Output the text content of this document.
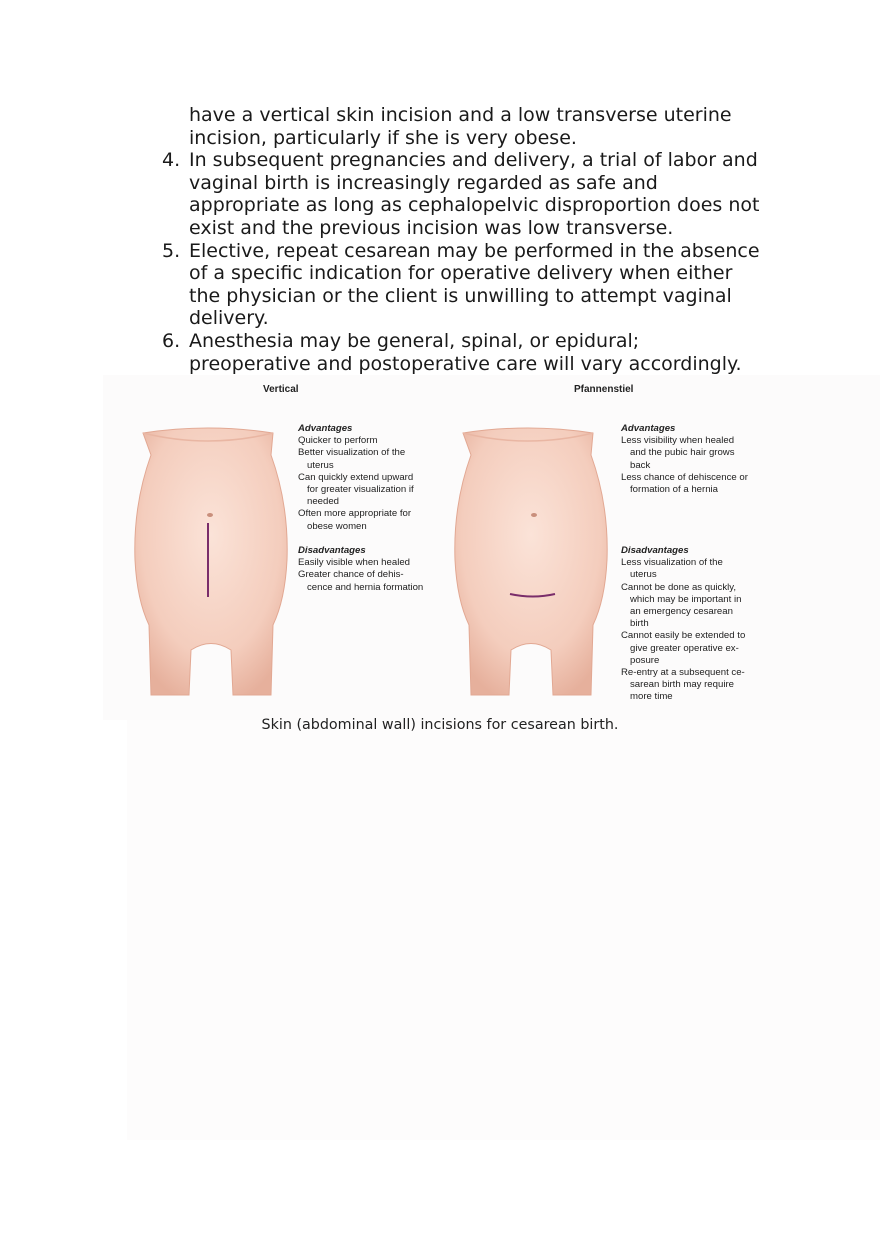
have a vertical skin incision and a low transverse uterine
incision, particularly if she is very obese.
4. In subsequent pregnancies and delivery, a trial of labor and
vaginal birth is increasingly regarded as safe and
appropriate as long as cephalopelvic disproportion does not
exist and the previous incision was low transverse.
5. Elective, repeat cesarean may be performed in the absence
of a specific indication for operative delivery when either
the physician or the client is unwilling to attempt vaginal
delivery.
6. Anesthesia may be general, spinal, or epidural;
preoperative and postoperative care will vary accordingly.
Vertical	Pfannenstiel
Advantages
Quicker to perform
Better visualization of the
uterus
Can quickly extend upward
for greater visualization if
needed
Often more appropriate for
obese women
Disadvantages
Easily visible when healed
Greater chance of dehis-
cence and hernia formation
Advantages
Less visibility when healed
and the pubic hair grows
back
Less chance of dehiscence or
formation of a hernia
Disadvantages
Less visualization of the
uterus
Cannot be done as quickly,
which may be important in
an emergency cesarean
birth
Cannot easily be extended to
give greater operative ex-
posure
Re-entry at a subsequent ce-
sarean birth may require
more time
Skin (abdominal wall) incisions for cesarean birth.
